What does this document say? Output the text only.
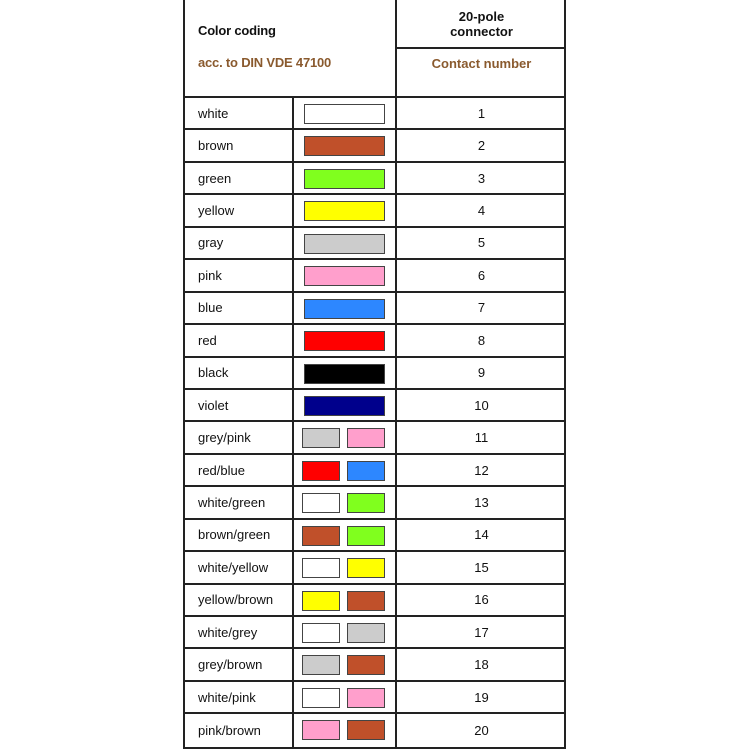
Color coding
acc. to DIN VDE 47100
20-pole
connector
Contact number
white	1
brown	2
green	3
yellow	4
gray	5
pink	6
blue	7
red	8
black	9
violet	10
grey/pink	11
red/blue	12
white/green	13
brown/green	14
white/yellow	15
yellow/brown	16
white/grey	17
grey/brown	18
white/pink	19
pink/brown	20
